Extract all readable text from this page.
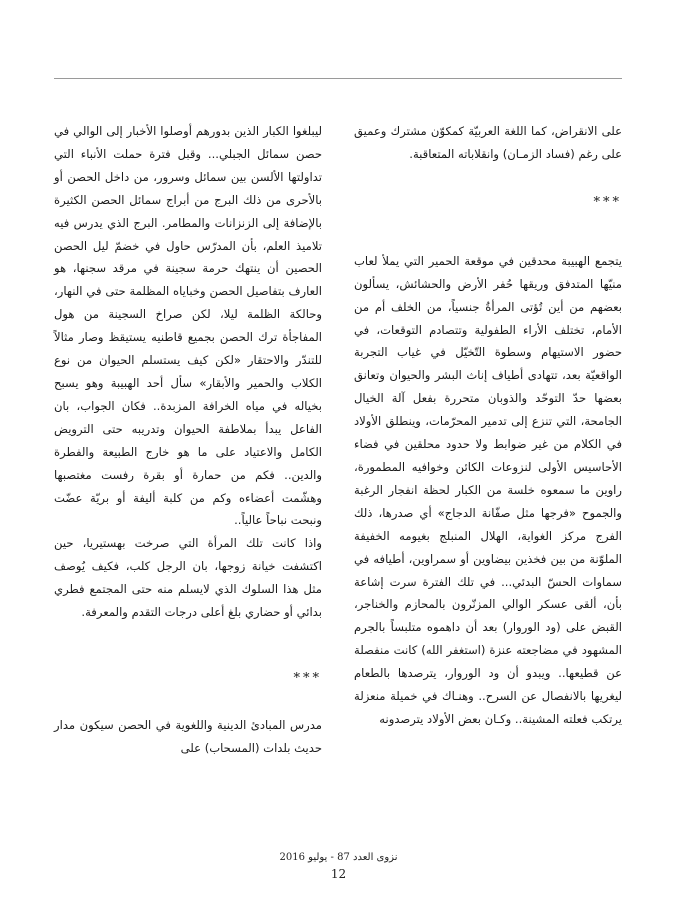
على الانقراض، كما اللغة العربيّة كمكوّن مشترك وعميق على رغم (فساد الزمـان) وانقلاباته المتعاقبة.

***

يتجمع الهبيبة محدقين في موقعة الحمير التي يملأ لعاب منيّها المتدفق وريقها حُفر الأرض والحشائش، يسألون بعضهم من أين تُؤتى المرأةُ جنسياً، من الخلف أم من الأمام، تختلف الأراء الطفولية وتتصادم التوقعات، في حضور الاستيهام وسطوة التّخيّل في غياب التجربة الواقعيّة بعد، تتهادى أطياف إناث البشر والحيوان وتعانق بعضها حدّ التوحّد والذوبان متحررة بفعل آلة الخيال الجامحة، التي تنزع إلى تدمير المحرّمات، وينطلق الأولاد في الكلام من غير ضوابط ولا حدود محلقين في فضاء الأحاسيس الأولى لنزوعات الكائن وخوافيه المطمورة، راوين ما سمعوه خلسة من الكبار لحظة انفجار الرغبة والجموح «فرجها مثل صفّانة الدجاج» أي صدرها، ذلك الفرج مركز الغواية، الهلال المنبلج بغيومه الخفيفة الملوّنة من بين فخذين بيضاوين أو سمراوين، أطيافه في سماوات الحسّ البدئي... في تلك الفترة سرت إشاعة بأن، ألقى عسكر الوالي المزنّرون بالمحازم والخناجر، القبض على (ود الوروار) بعد أن داهموه متلبساً بالجرم المشهود في مضاجعته عنزة (استغفر الله) كانت منفصلة عن قطيعها.. ويبدو أن ود الوروار، يترصدها بالطعام ليغريها بالانفصال عن السرح.. وهنـاك في خميلة منعزلة يرتكب فعلته المشينة.. وكـان بعض الأولاد يترصدونه

ليبلغوا الكبار الذين بدورهم أوصلوا الأخبار إلى الوالي في حصن سمائل الجبلي... وقبل فترة حملت الأنباء التي تداولتها الألسن بين سمائل وسرور، من داخل الحصن أو بالأحرى من ذلك البرج من أبراج سمائل الحصن الكثيرة بالإضافة إلى الزنزانات والمطامر. البرج الذي يدرس فيه تلاميذ العلم، بأن المدرّس حاول في خضمّ ليل الحصن الحصين أن ينتهك حرمة سجينة في مرقد سجنها، هو العارف بتفاصيل الحصن وخباياه المظلمة حتى في النهار، وحالكة الظلمة ليلا، لكن صراخ السجينة من هول المفاجأة ترك الحصن بجميع قاطنيه يستيقظ وصار مثالاً للتندّر والاحتقار «لكن كيف يستسلم الحيوان من نوع الكلاب والحمير والأبقار» سأل أحد الهبيبة وهو يسبح بخياله في مياه الخرافة المزبدة.. فكان الجواب، بان الفاعل يبدأ بملاطفة الحيوان وتدريبه حتى الترويض الكامل والاعتياد على ما هو خارج الطبيعة والفطرة والدين.. فكم من حمارة أو بقرة رفست مغتصبها وهشّمت أعضاءه وكم من كلبة أليفة أو بريّة عضّت ونبحت نباحاً عالياً..

واذا كانت تلك المرأة التي صرخت بهستيريا، حين اكتشفت خيانة زوجها، بان الرجل كلب، فكيف يُوصف مثل هذا السلوك الذي لايسلم منه حتى المجتمع فطري بدائي أو حضاري بلغ أعلى درجات التقدم والمعرفة.

***

مدرس المبادئ الدينية واللغوية في الحصن سيكون مدار حديث بلدات (المسحاب) على

نزوى العدد 87 - يوليو 2016
12
